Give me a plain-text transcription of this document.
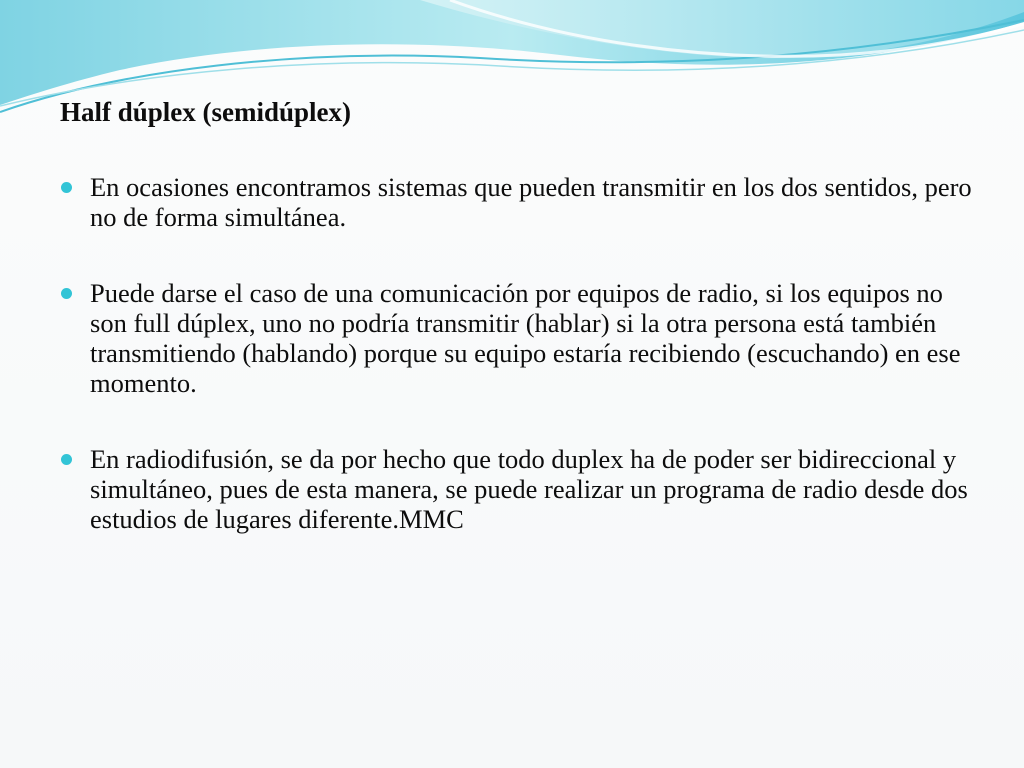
Half dúplex (semidúplex)
En ocasiones encontramos sistemas que pueden transmitir en los dos sentidos, pero no de forma simultánea.
Puede darse el caso de una comunicación por equipos de radio, si los equipos no son full dúplex, uno no podría transmitir (hablar) si la otra persona está también transmitiendo (hablando) porque su equipo estaría recibiendo (escuchando) en ese momento.
En radiodifusión, se da por hecho que todo duplex ha de poder ser bidireccional y simultáneo, pues de esta manera, se puede realizar un programa de radio desde dos estudios de lugares diferente.MMC
